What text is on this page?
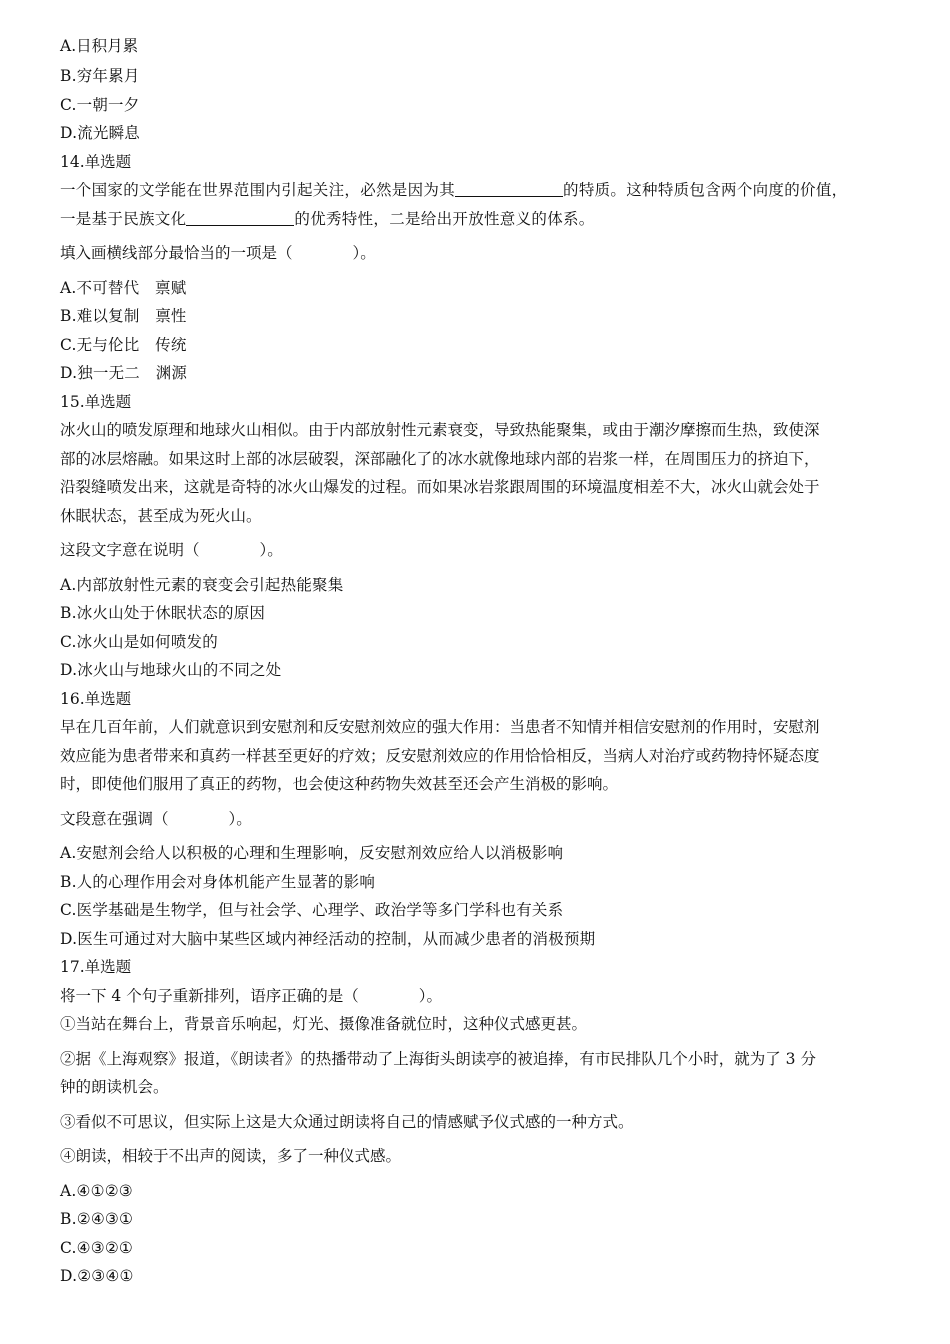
A.日积月累

B.穷年累月

C.一朝一夕

D.流光瞬息

14.单选题

一个国家的文学能在世界范围内引起关注，必然是因为其	的特质。这种特质包含两个向度的价值，
一是基于民族文化	的优秀特性，二是给出开放性意义的体系。

填入画横线部分最恰当的一项是（	）。

A.不可替代　禀赋

B.难以复制　禀性

C.无与伦比　传统

D.独一无二　渊源

15.单选题

冰火山的喷发原理和地球火山相似。由于内部放射性元素衰变，导致热能聚集，或由于潮汐摩擦而生热，致使深

部的冰层熔融。如果这时上部的冰层破裂，深部融化了的冰水就像地球内部的岩浆一样，在周围压力的挤迫下，

沿裂缝喷发出来，这就是奇特的冰火山爆发的过程。而如果冰岩浆跟周围的环境温度相差不大，冰火山就会处于

休眠状态，甚至成为死火山。

这段文字意在说明（	）。

A.内部放射性元素的衰变会引起热能聚集

B.冰火山处于休眠状态的原因

C.冰火山是如何喷发的

D.冰火山与地球火山的不同之处

16.单选题

早在几百年前，人们就意识到安慰剂和反安慰剂效应的强大作用：当患者不知情并相信安慰剂的作用时，安慰剂

效应能为患者带来和真药一样甚至更好的疗效；反安慰剂效应的作用恰恰相反，当病人对治疗或药物持怀疑态度

时，即使他们服用了真正的药物，也会使这种药物失效甚至还会产生消极的影响。

文段意在强调（	）。

A.安慰剂会给人以积极的心理和生理影响，反安慰剂效应给人以消极影响

B.人的心理作用会对身体机能产生显著的影响

C.医学基础是生物学，但与社会学、心理学、政治学等多门学科也有关系

D.医生可通过对大脑中某些区域内神经活动的控制，从而减少患者的消极预期

17.单选题

将一下 4 个句子重新排列，语序正确的是（	）。

①当站在舞台上，背景音乐响起，灯光、摄像准备就位时，这种仪式感更甚。

②据《上海观察》报道，《朗读者》的热播带动了上海街头朗读亭的被追捧，有市民排队几个小时，就为了 3 分

钟的朗读机会。

③看似不可思议，但实际上这是大众通过朗读将自己的情感赋予仪式感的一种方式。

④朗读，相较于不出声的阅读，多了一种仪式感。

A.④①②③

B.②④③①

C.④③②①

D.②③④①
